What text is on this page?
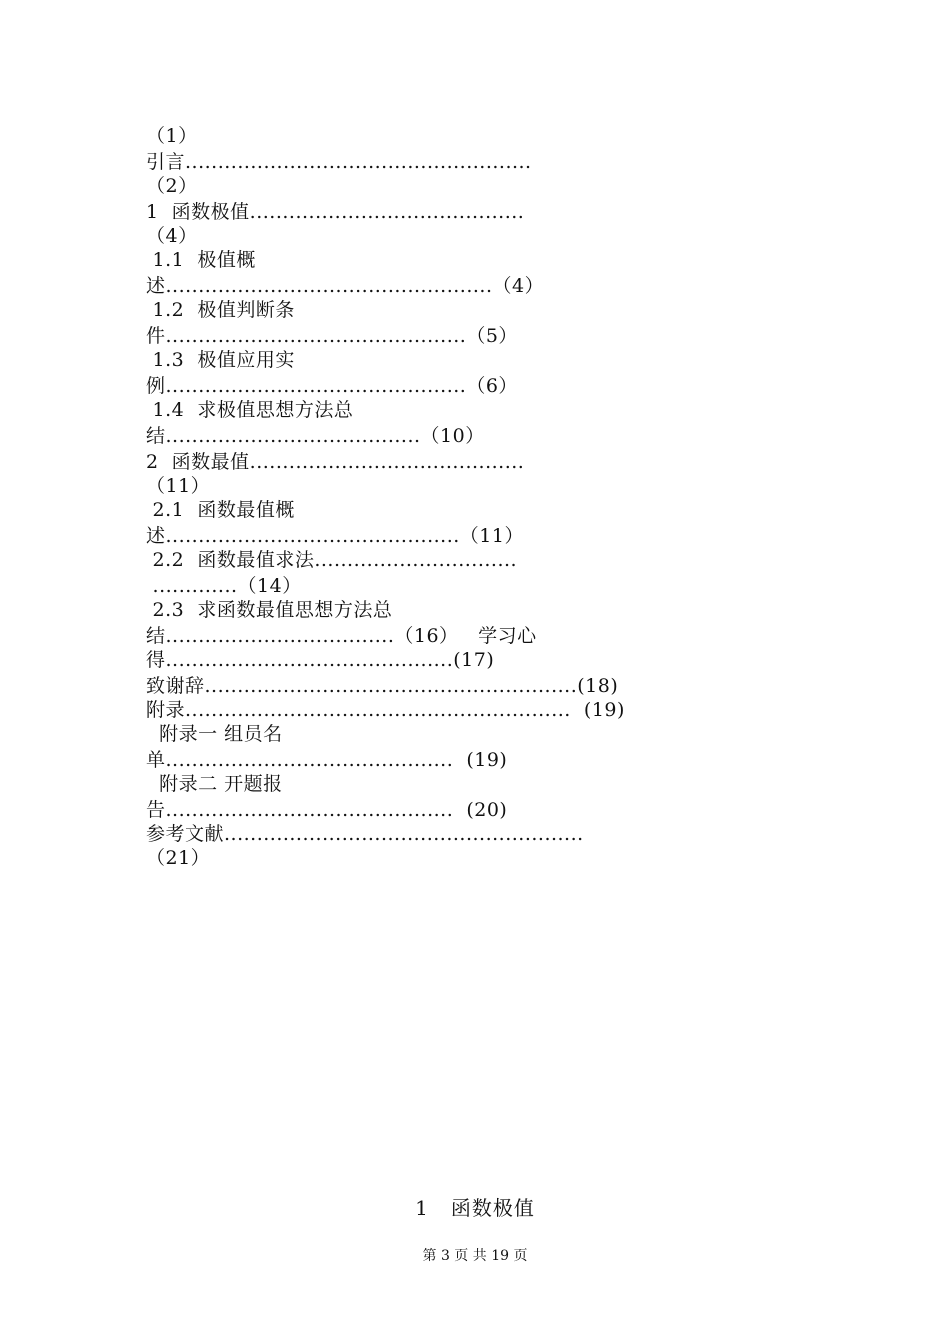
（1）
引言.....................................................
（2）
1  函数极值..........................................
（4）
1.1  极值概
述..................................................（4）
1.2  极值判断条
件..............................................（5）
1.3  极值应用实
例..............................................（6）
1.4  求极值思想方法总
结.......................................（10）
2  函数最值..........................................
（11）
2.1  函数最值概
述.............................................（11）
2.2  函数最值求法...............................
.............（14）
2.3  求函数最值思想方法总
结...................................（16）   学习心
得............................................(17)
致谢辞.........................................................(18)
附录...........................................................  (19)
附录一 组员名
单............................................  (19)
附录二 开题报
告............................................  (20)
参考文献.......................................................
（21）
1   函数极值
第 3 页 共 19 页
